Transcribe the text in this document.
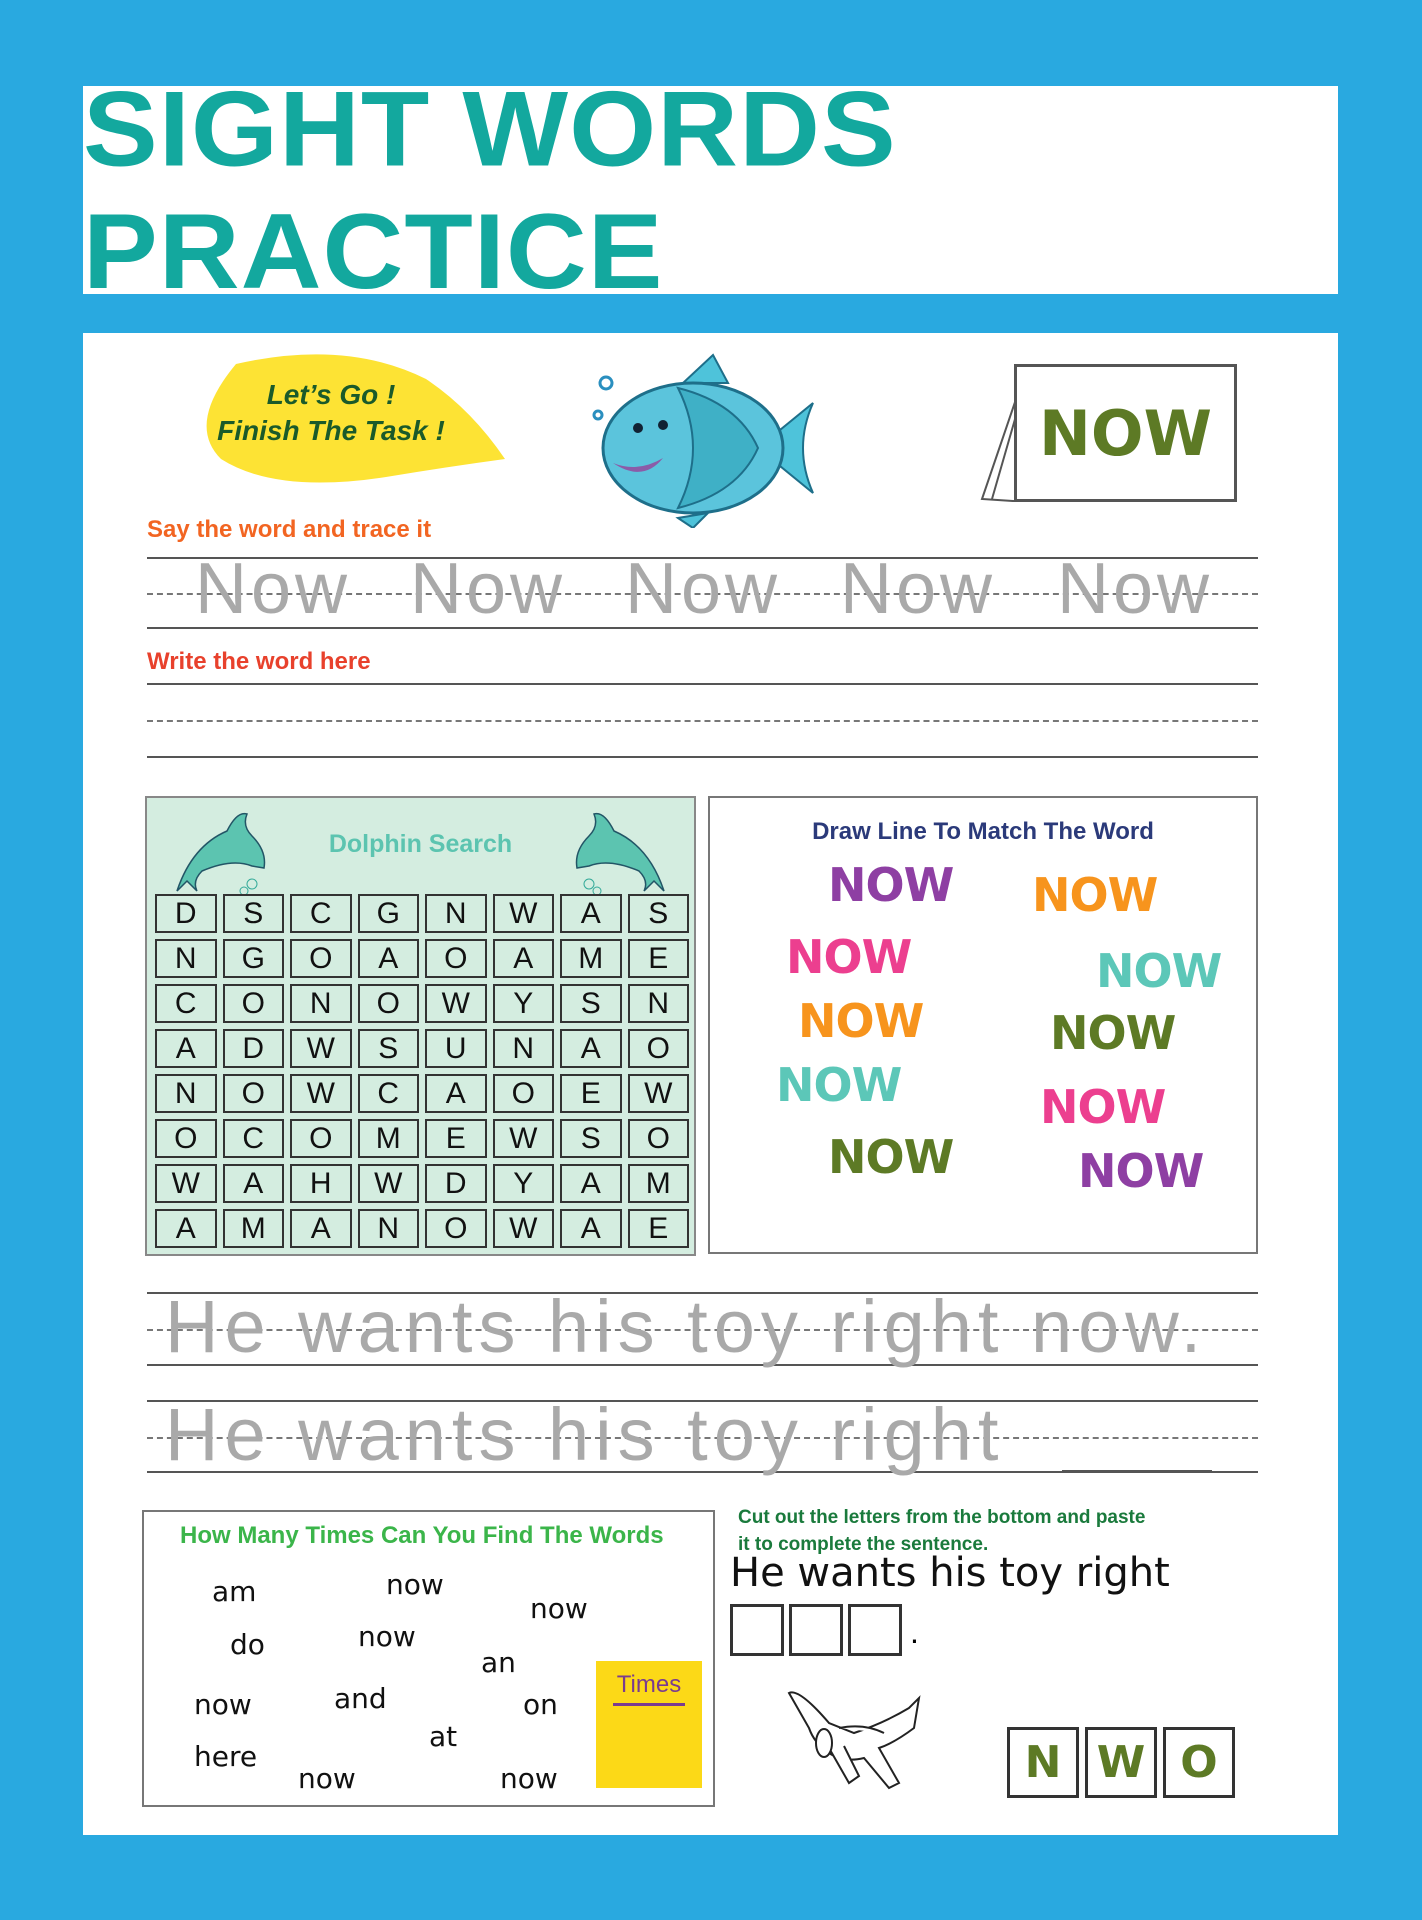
SIGHT WORDS PRACTICE
Let’s Go !
Finish The Task !	NOW
Say the word and trace it
Now Now Now Now Now
Write the word here
Dolphin Search
D	S	C	G	N	W	A	S
N	G	O	A	O	A	M	E
C	O	N	O	W	Y	S	N
A	D	W	S	U	N	A	O
N	O	W	C	A	O	E	W
O	C	O	M	E	W	S	O
W	A	H	W	D	Y	A	M
A	M	A	N	O	W	A	E
Draw Line To Match The Word
NOW
NOW
NOW
NOW
NOW
NOW
NOW
NOW
NOW
NOW
He wants his toy right now.
He wants his toy right
How Many Times Can You Find The Words
am	now
now
do	now
an
now	and	on
at
here
now	now
Times
Cut out the letters from the bottom and paste
it to complete the sentence.
He wants his toy right
.
N W O
